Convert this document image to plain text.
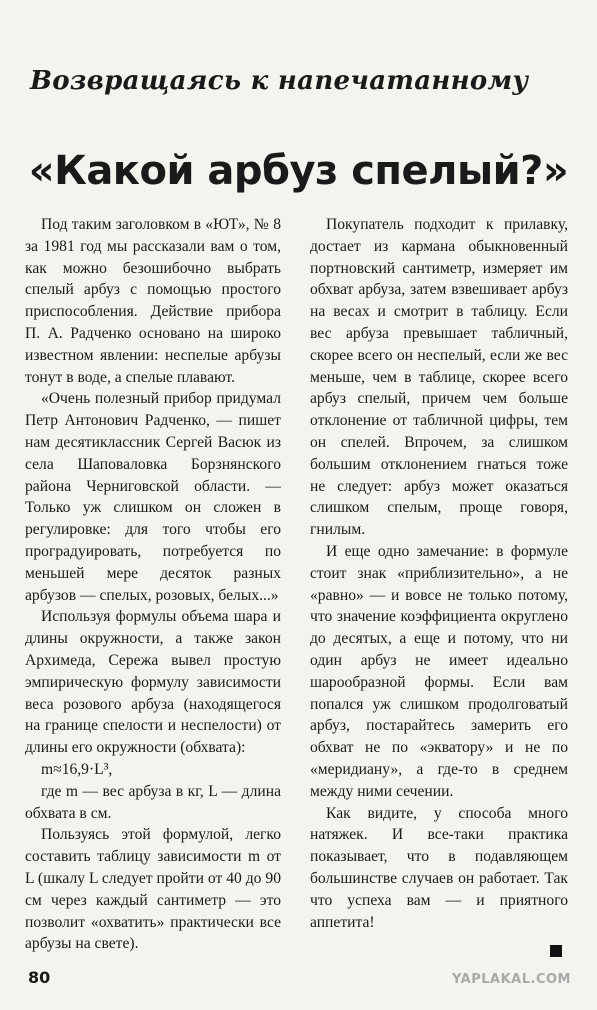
Возвращаясь к напечатанному
«Какой арбуз спелый?»

Под таким заголовком в «ЮТ», № 8 за 1981 год мы рассказали вам о том, как можно безошибочно выбрать спелый арбуз с помощью простого приспособления. Действие прибора П. А. Радченко основано на широко известном явлении: неспелые арбузы тонут в воде, а спелые плавают.

«Очень полезный прибор придумал Петр Антонович Радченко, — пишет нам десятиклассник Сергей Васюк из села Шаповаловка Борзнянского района Черниговской области. — Только уж слишком он сложен в регулировке: для того чтобы его проградуировать, потребуется по меньшей мере десяток разных арбузов — спелых, розовых, белых...»

Используя формулы объема шара и длины окружности, а также закон Архимеда, Сережа вывел простую эмпирическую формулу зависимости веса розового арбуза (находящегося на границе спелости и неспелости) от длины его окружности (обхвата):

m≈16,9·L³,

где m — вес арбуза в кг, L — длина обхвата в см.

Пользуясь этой формулой, легко составить таблицу зависимости m от L (шкалу L следует пройти от 40 до 90 см через каждый сантиметр — это позволит «охватить» практически все арбузы на свете).

Покупатель подходит к прилавку, достает из кармана обыкновенный портновский сантиметр, измеряет им обхват арбуза, затем взвешивает арбуз на весах и смотрит в таблицу. Если вес арбуза превышает табличный, скорее всего он неспелый, если же вес меньше, чем в таблице, скорее всего арбуз спелый, причем чем больше отклонение от табличной цифры, тем он спелей. Впрочем, за слишком большим отклонением гнаться тоже не следует: арбуз может оказаться слишком спелым, проще говоря, гнилым.

И еще одно замечание: в формуле стоит знак «приблизительно», а не «равно» — и вовсе не только потому, что значение коэффициента округлено до десятых, а еще и потому, что ни один арбуз не имеет идеально шарообразной формы. Если вам попался уж слишком продолговатый арбуз, постарайтесь замерить его обхват не по «экватору» и не по «меридиану», а где-то в среднем между ними сечении.

Как видите, у способа много натяжек. И все-таки практика показывает, что в подавляющем большинстве случаев он работает. Так что успеха вам — и приятного аппетита!

80	YAPLAKAL.COM
